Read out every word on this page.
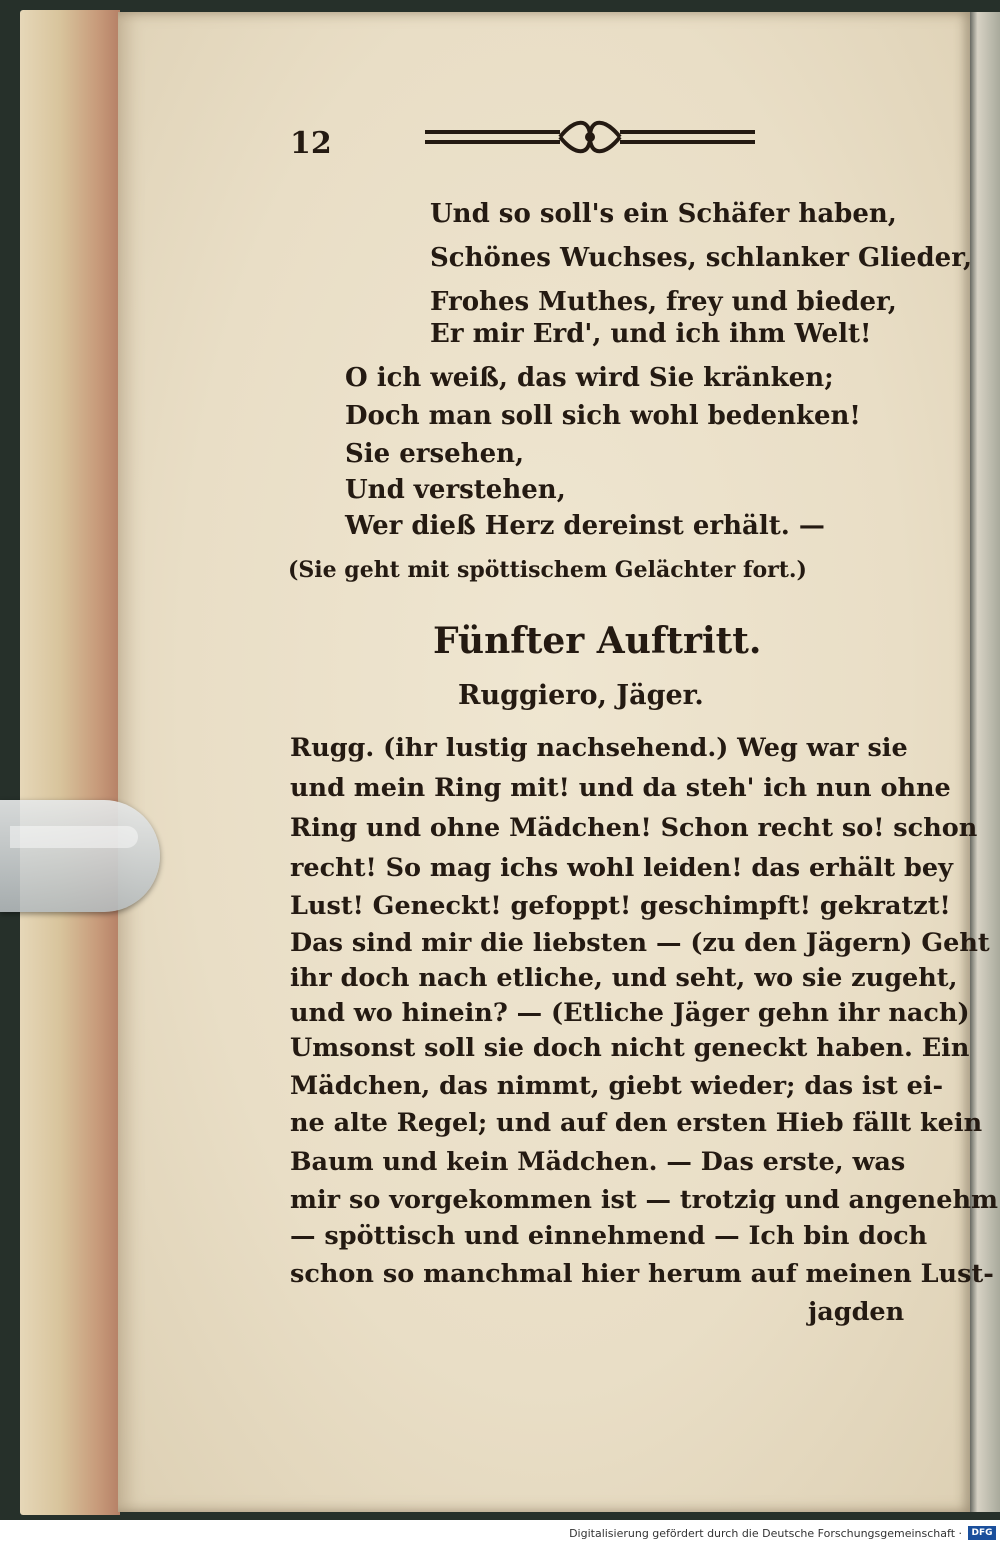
12
Und so soll's ein Schäfer haben,
Schönes Wuchses, schlanker Glieder,
Frohes Muthes, frey und bieder,
Er mir Erd', und ich ihm Welt!
O ich weiß, das wird Sie kränken;
Doch man soll sich wohl bedenken!
Sie ersehen,
Und verstehen,
Wer dieß Herz dereinst erhält. —
(Sie geht mit spöttischem Gelächter fort.)
Fünfter Auftritt.
Ruggiero, Jäger.
Rugg. (ihr lustig nachsehend.) Weg war sie
und mein Ring mit! und da steh' ich nun ohne
Ring und ohne Mädchen! Schon recht so! schon
recht! So mag ichs wohl leiden! das erhält bey
Lust! Geneckt! gefoppt! geschimpft! gekratzt!
Das sind mir die liebsten — (zu den Jägern) Geht
ihr doch nach etliche, und seht, wo sie zugeht,
und wo hinein? — (Etliche Jäger gehn ihr nach)
Umsonst soll sie doch nicht geneckt haben. Ein
Mädchen, das nimmt, giebt wieder; das ist ei-
ne alte Regel; und auf den ersten Hieb fällt kein
Baum und kein Mädchen. — Das erste, was
mir so vorgekommen ist — trotzig und angenehm
— spöttisch und einnehmend — Ich bin doch
schon so manchmal hier herum auf meinen Lust-
jagden
Digitalisierung gefördert durch die Deutsche Forschungsgemeinschaft · DFG
